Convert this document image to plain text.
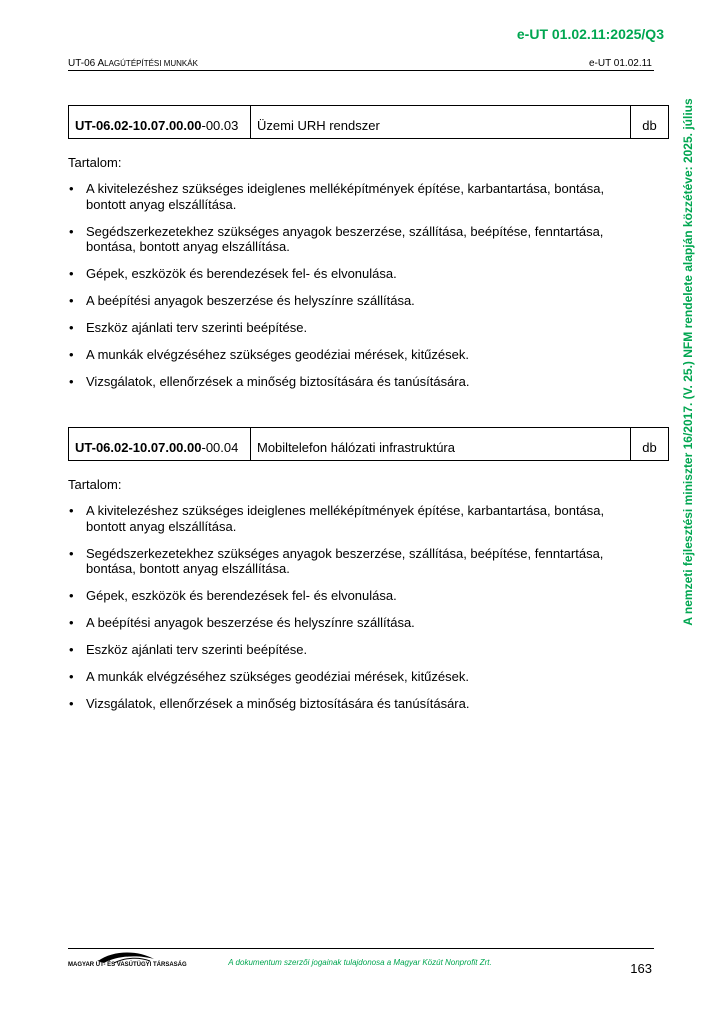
e-UT 01.02.11:2025/Q3
UT-06 ALAGÚTÉPÍTÉSI MUNKÁK	e-UT 01.02.11
UT-06.02-10.07.00.00 -00.03	Üzemi URH rendszer	db
Tartalom:
• A kivitelezéshez szükséges ideiglenes melléképítmények építése, karbantartása, bontása, bontott anyag elszállítása.
• Segédszerkezetekhez szükséges anyagok beszerzése, szállítása, beépítése, fenntartása, bontása, bontott anyag elszállítása.
• Gépek, eszközök és berendezések fel- és elvonulása.
• A beépítési anyagok beszerzése és helyszínre szállítása.
• Eszköz ajánlati terv szerinti beépítése.
• A munkák elvégzéséhez szükséges geodéziai mérések, kitűzések.
• Vizsgálatok, ellenőrzések a minőség biztosítására és tanúsítására.
UT-06.02-10.07.00.00 -00.04	Mobiltelefon hálózati infrastruktúra	db
Tartalom:
• A kivitelezéshez szükséges ideiglenes melléképítmények építése, karbantartása, bontása, bontott anyag elszállítása.
• Segédszerkezetekhez szükséges anyagok beszerzése, szállítása, beépítése, fenntartása, bontása, bontott anyag elszállítása.
• Gépek, eszközök és berendezések fel- és elvonulása.
• A beépítési anyagok beszerzése és helyszínre szállítása.
• Eszköz ajánlati terv szerinti beépítése.
• A munkák elvégzéséhez szükséges geodéziai mérések, kitűzések.
• Vizsgálatok, ellenőrzések a minőség biztosítására és tanúsítására.
A nemzeti fejlesztési miniszter 16/2017. (V. 25.) NFM rendelete alapján közzétéve: 2025. július
MAGYAR ÚT- ÉS VASÚTÜGYI TÁRSASÁG	A dokumentum szerzői jogainak tulajdonosa a Magyar Közút Nonprofit Zrt.	163
